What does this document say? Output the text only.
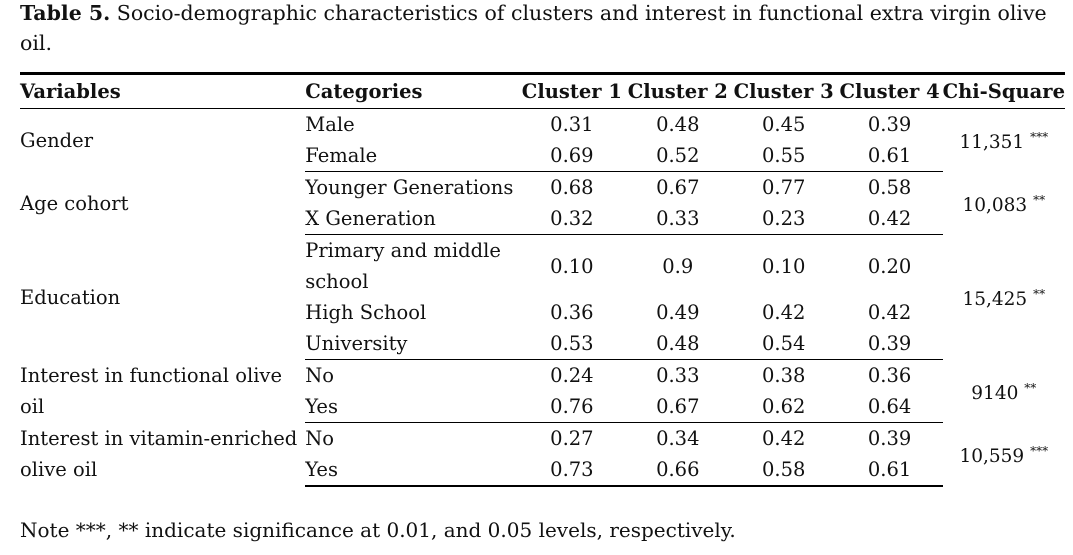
Table 5. Socio-demographic characteristics of clusters and interest in functional extra virgin olive oil.
Variables	Categories	Cluster 1	Cluster 2	Cluster 3	Cluster 4	Chi-Square
Gender	Male	0.31	0.48	0.45	0.39	11,351 ***
	Female	0.69	0.52	0.55	0.61	
Age cohort	Younger Generations	0.68	0.67	0.77	0.58	10,083 **
	X Generation	0.32	0.33	0.23	0.42	
Education	Primary and middle school	0.10	0.9	0.10	0.20	15,425 **
	High School	0.36	0.49	0.42	0.42	
	University	0.53	0.48	0.54	0.39	
Interest in functional olive oil	No	0.24	0.33	0.38	0.36	9140 **
	Yes	0.76	0.67	0.62	0.64	
Interest in vitamin-enriched olive oil	No	0.27	0.34	0.42	0.39	10,559 ***
	Yes	0.73	0.66	0.58	0.61	
Note ***, ** indicate significance at 0.01, and 0.05 levels, respectively.
